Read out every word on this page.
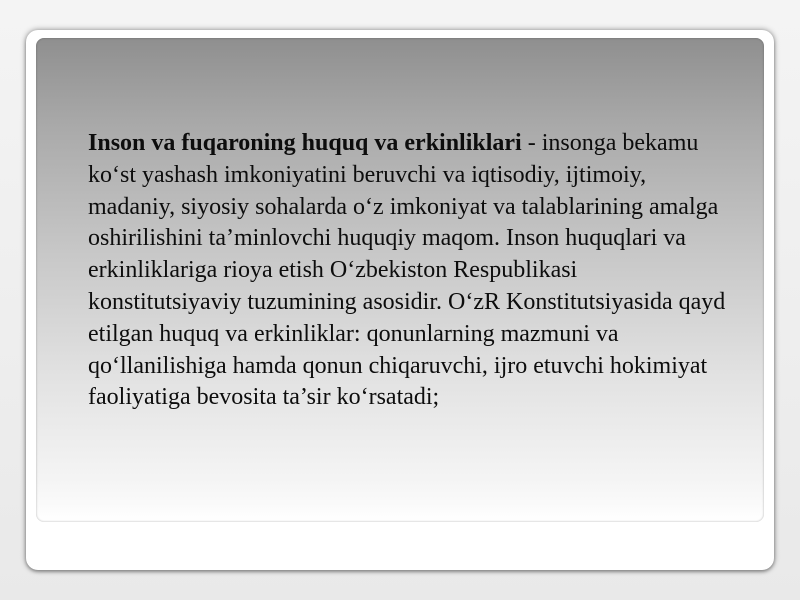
Inson va fuqaroning huquq va erkinliklari - insonga bekamu ko‘st yashash imkoniyatini beruvchi va iqtisodiy, ijtimoiy, madaniy, siyosiy sohalarda o‘z imkoniyat va talablarining amalga oshirilishini ta’minlovchi huquqiy maqom. Inson huquqlari va erkinliklariga rioya etish O‘zbekiston Respublikasi konstitutsiyaviy tuzumining asosidir. O‘zR Konstitutsiyasida qayd etilgan huquq va erkinliklar: qonunlarning mazmuni va qo‘llanilishiga hamda qonun chiqaruvchi, ijro etuvchi hokimiyat faoliyatiga bevosita ta’sir ko‘rsatadi;
